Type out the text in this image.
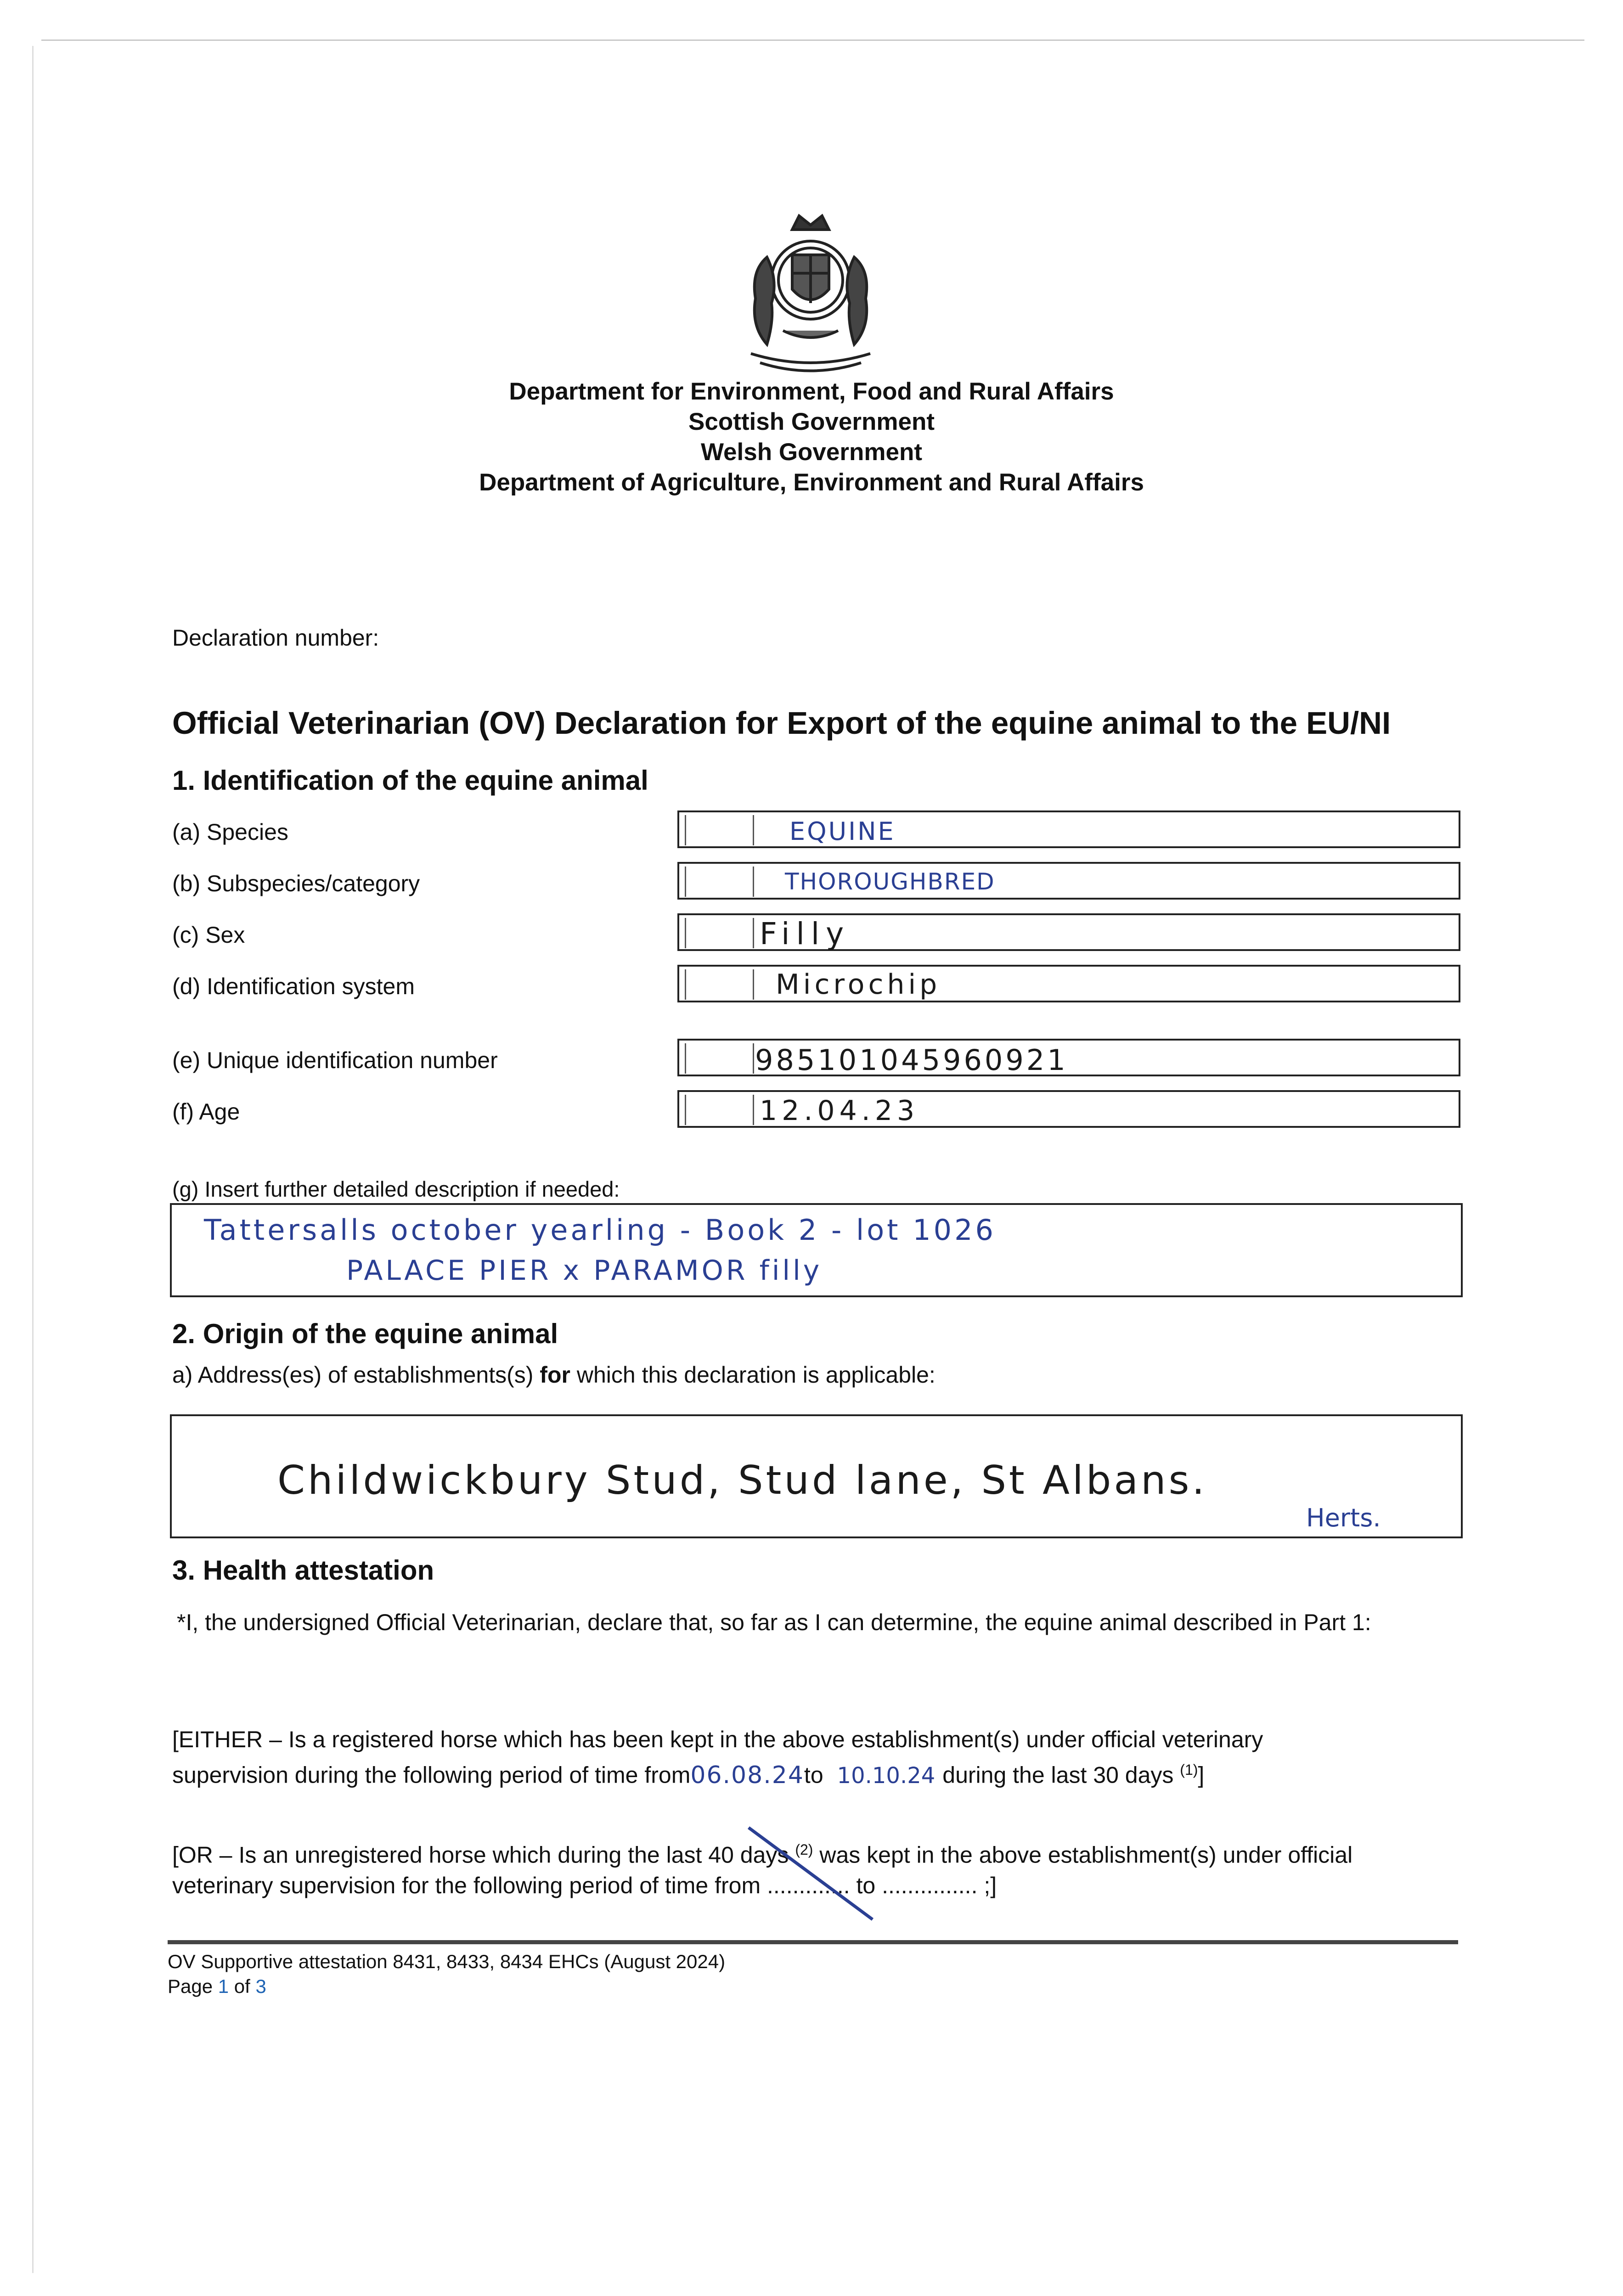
Department for Environment, Food and Rural Affairs
Scottish Government
Welsh Government
Department of Agriculture, Environment and Rural Affairs
Declaration number:
Official Veterinarian (OV) Declaration for Export of the equine animal to the EU/NI
1. Identification of the equine animal
(a) Species	EQUINE
(b) Subspecies/category	THOROUGHBRED
(c) Sex	Filly
(d) Identification system	Microchip
(e) Unique identification number	985101045960921
(f) Age	12.04.23
(g) Insert further detailed description if needed:
Tattersalls october yearling - Book 2 - lot 1026
PALACE PIER x PARAMOR filly
2. Origin of the equine animal
a) Address(es) of establishments(s) for which this declaration is applicable:
Childwickbury Stud, Stud lane, St Albans.
Herts.
3. Health attestation
*I, the undersigned Official Veterinarian, declare that, so far as I can determine, the equine animal described in Part 1:
[EITHER – Is a registered horse which has been kept in the above establishment(s) under official veterinary
supervision during the following period of time from06.08.24to 10.10.24 during the last 30 days $^{(1)}$]
[OR – Is an unregistered horse which during the last 40 days $^{(2)}$ was kept in the above establishment(s) under official
veterinary supervision for the following period of time from ............. to ............... ;]
OV Supportive attestation 8431, 8433, 8434 EHCs (August 2024)
Page 1 of 3
